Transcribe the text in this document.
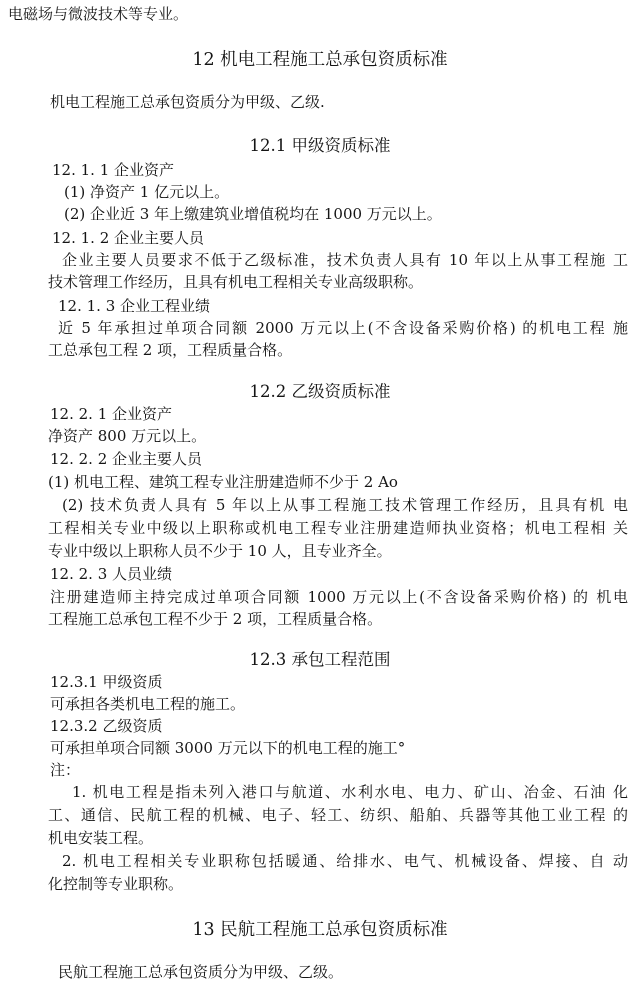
电磁场与微波技术等专业。
12 机电工程施工总承包资质标准
机电工程施工总承包资质分为甲级、乙级.
12.1 甲级资质标准
12. 1. 1 企业资产
(1) 净资产 1 亿元以上。
(2) 企业近 3 年上缴建筑业增值税均在 1000 万元以上。
12. 1. 2 企业主要人员
企业主要人员要求不低于乙级标准，技术负责人具有 10 年以上从事工程施 工
技术管理工作经历，且具有机电工程相关专业高级职称。
12. 1. 3 企业工程业绩
近 5 年承担过单项合同额 2000 万元以上(不含设备采购价格) 的机电工程 施
工总承包工程 2 项，工程质量合格。
12.2 乙级资质标准
12. 2. 1 企业资产
净资产 800 万元以上。
12. 2. 2 企业主要人员
(1) 机电工程、建筑工程专业注册建造师不少于 2 Ao
(2) 技术负责人具有 5 年以上从事工程施工技术管理工作经历，且具有机 电
工程相关专业中级以上职称或机电工程专业注册建造师执业资格；机电工程相 关
专业中级以上职称人员不少于 10 人，且专业齐全。
12. 2. 3 人员业绩
注册建造师主持完成过单项合同额 1000 万元以上(不含设备采购价格) 的 机电
工程施工总承包工程不少于 2 项，工程质量合格。
12.3 承包工程范围
12.3.1 甲级资质
可承担各类机电工程的施工。
12.3.2 乙级资质
可承担单项合同额 3000 万元以下的机电工程的施工°
注：
1. 机电工程是指未列入港口与航道、水利水电、电力、矿山、冶金、石油 化
工、通信、民航工程的机械、电子、轻工、纺织、船舶、兵器等其他工业工程 的
机电安装工程。
2. 机电工程相关专业职称包括暖通、给排水、电气、机械设备、焊接、自 动
化控制等专业职称。
13 民航工程施工总承包资质标准
民航工程施工总承包资质分为甲级、乙级。
